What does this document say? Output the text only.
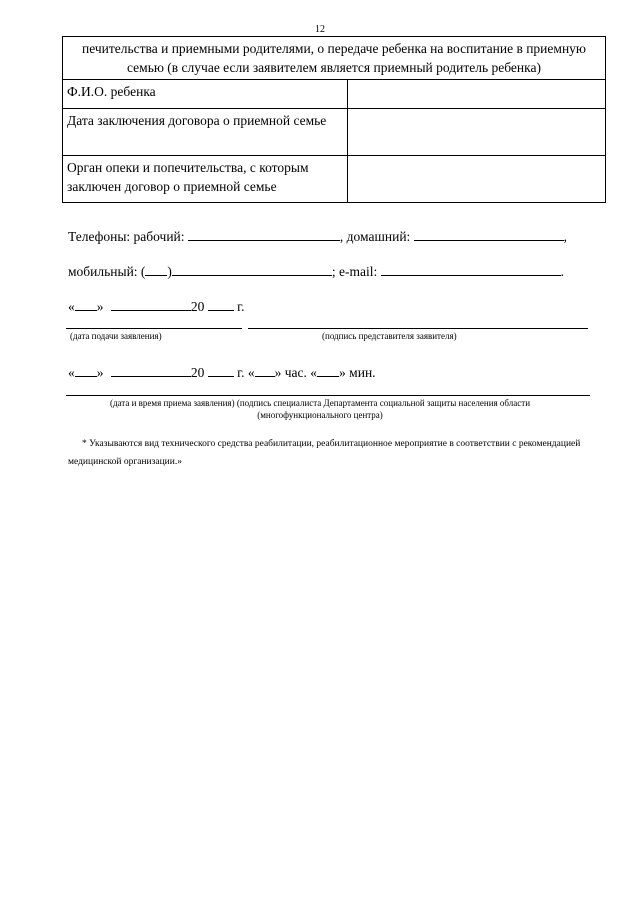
12
печительства и приемными родителями, о передаче ребенка на воспитание в приемную семью (в случае если заявителем является приемный родитель ребенка)	
Ф.И.О. ребенка	
Дата заключения договора о приемной семье	
Орган опеки и попечительства, с которым заключен договор о приемной семье	
Телефоны: рабочий:	, домашний:	,
мобильный: ( )	; e-mail:	.
« »	20 г.
(дата подачи заявления)	(подпись представителя заявителя)
« »	20 г. « » час. « » мин.
(дата и время приема заявления) (подпись специалиста Департамента социальной защиты населения области
(многофункционального центра)
* Указываются вид технического средства реабилитации, реабилитационное мероприятие в соответствии с рекомендацией медицинской организации.»
